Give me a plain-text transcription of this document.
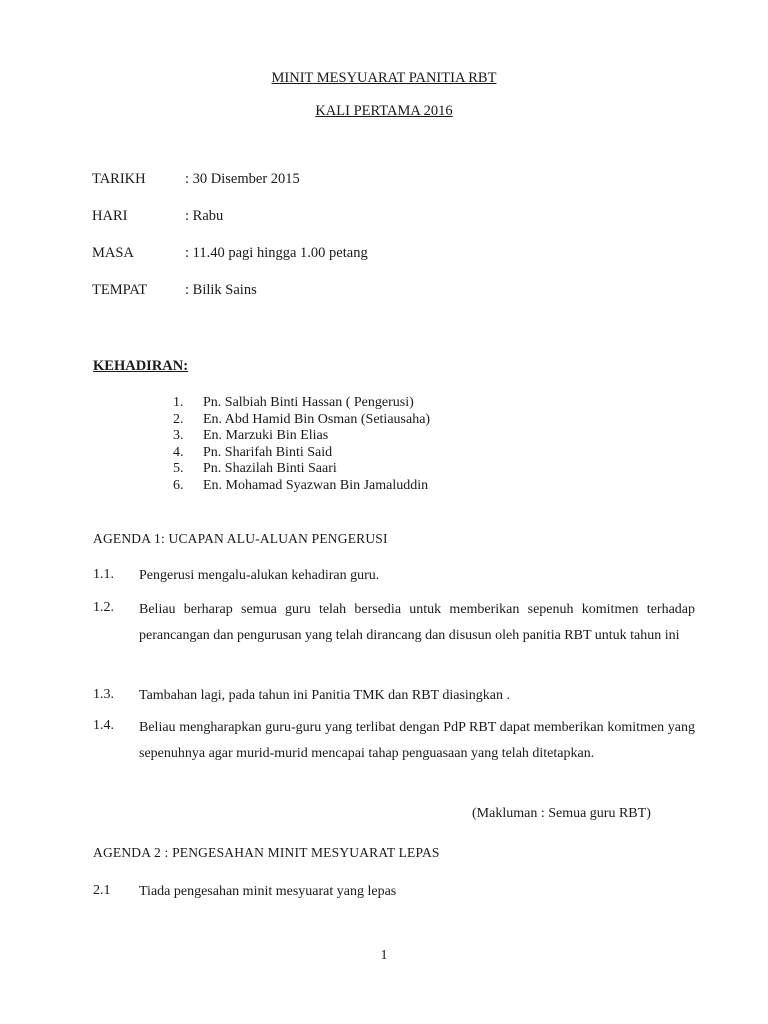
MINIT MESYUARAT PANITIA RBT
KALI PERTAMA 2016
TARIKH	: 30 Disember 2015
HARI	: Rabu
MASA	: 11.40 pagi hingga 1.00 petang
TEMPAT	: Bilik Sains
KEHADIRAN:
1. Pn. Salbiah Binti Hassan ( Pengerusi)
2. En. Abd Hamid Bin Osman (Setiausaha)
3. En. Marzuki Bin Elias
4. Pn. Sharifah Binti Said
5. Pn. Shazilah Binti Saari
6. En. Mohamad Syazwan Bin Jamaluddin
AGENDA 1: UCAPAN ALU-ALUAN PENGERUSI
1.1. Pengerusi mengalu-alukan kehadiran guru.
1.2. Beliau berharap semua guru telah bersedia untuk memberikan sepenuh komitmen terhadap perancangan dan pengurusan yang telah dirancang dan disusun oleh panitia RBT untuk tahun ini
1.3. Tambahan lagi, pada tahun ini Panitia TMK dan RBT diasingkan .
1.4. Beliau mengharapkan guru-guru yang terlibat dengan PdP RBT dapat memberikan komitmen yang sepenuhnya agar murid-murid mencapai tahap penguasaan yang telah ditetapkan.
(Makluman : Semua guru RBT)
AGENDA 2 : PENGESAHAN MINIT MESYUARAT LEPAS
2.1 Tiada pengesahan minit mesyuarat yang lepas
1
